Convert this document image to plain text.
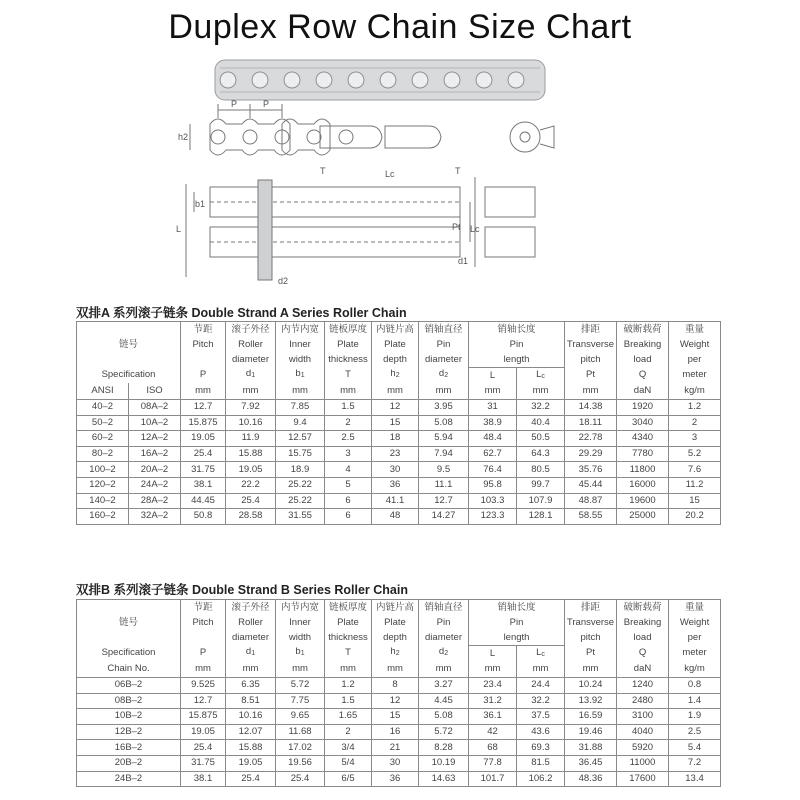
Duplex Row Chain Size Chart
P	P
h2
T	Lc	T
b1
L
d2
d1
Pt Lc
双排A 系列滚子链条 Double Strand A Series Roller Chain
		节距	滚子外径	内节内宽	链板厚度	内链片高	销轴直径	销轴长度		排距	破断载荷	重量
链号		Pitch	Roller	Inner	Plate	Plate	Pin	Pin		Transverse	Breaking	Weight
			diameter	width	thickness	depth	diameter	length		pitch	load	per
Specification		P	d1	b1	T	h2	d2	L	Lc	Pt	Q	meter
ANSI	ISO	mm	mm	mm	mm	mm	mm	mm	mm	mm	daN	kg/m
40–2	08A–2	12.7	7.92	7.85	1.5	12	3.95	31	32.2	14.38	1920	1.2
50–2	10A–2	15.875	10.16	9.4	2	15	5.08	38.9	40.4	18.11	3040	2
60–2	12A–2	19.05	11.9	12.57	2.5	18	5.94	48.4	50.5	22.78	4340	3
80–2	16A–2	25.4	15.88	15.75	3	23	7.94	62.7	64.3	29.29	7780	5.2
100–2	20A–2	31.75	19.05	18.9	4	30	9.5	76.4	80.5	35.76	11800	7.6
120–2	24A–2	38.1	22.2	25.22	5	36	11.1	95.8	99.7	45.44	16000	11.2
140–2	28A–2	44.45	25.4	25.22	6	41.1	12.7	103.3	107.9	48.87	19600	15
160–2	32A–2	50.8	28.58	31.55	6	48	14.27	123.3	128.1	58.55	25000	20.2
双排B 系列滚子链条 Double Strand B Series Roller Chain
	节距	滚子外径	内节内宽	链板厚度	内链片高	销轴直径	销轴长度		排距	破断载荷	重量
链号	Pitch	Roller	Inner	Plate	Plate	Pin	Pin		Transverse	Breaking	Weight
		diameter	width	thickness	depth	diameter	length		pitch	load	per
Specification	P	d1	b1	T	h2	d2	L	Lc	Pt	Q	meter
Chain No.	mm	mm	mm	mm	mm	mm	mm	mm	mm	daN	kg/m
06B–2	9.525	6.35	5.72	1.2	8	3.27	23.4	24.4	10.24	1240	0.8
08B–2	12.7	8.51	7.75	1.5	12	4.45	31.2	32.2	13.92	2480	1.4
10B–2	15.875	10.16	9.65	1.65	15	5.08	36.1	37.5	16.59	3100	1.9
12B–2	19.05	12.07	11.68	2	16	5.72	42	43.6	19.46	4040	2.5
16B–2	25.4	15.88	17.02	3/4	21	8.28	68	69.3	31.88	5920	5.4
20B–2	31.75	19.05	19.56	5/4	30	10.19	77.8	81.5	36.45	11000	7.2
24B–2	38.1	25.4	25.4	6/5	36	14.63	101.7	106.2	48.36	17600	13.4
